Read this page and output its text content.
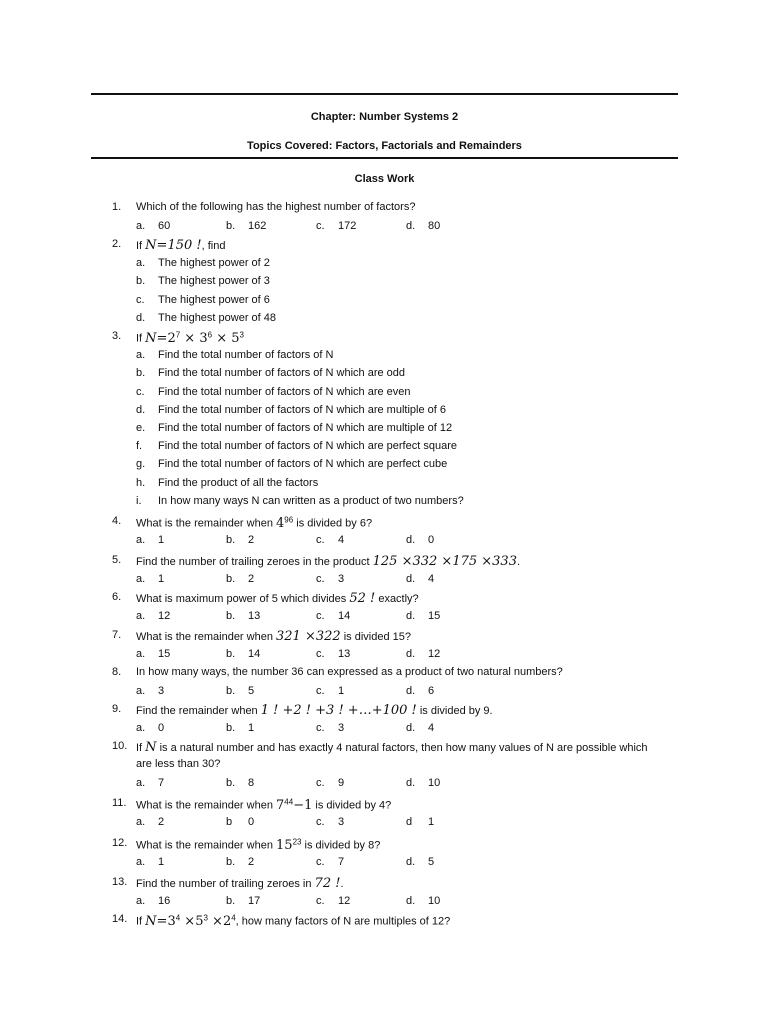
Chapter: Number Systems 2
Topics Covered: Factors, Factorials and Remainders
Class Work
1. Which of the following has the highest number of factors?
a. 60	b. 162	c. 172	d. 80
2. If N=150 !, find
a. The highest power of 2
b. The highest power of 3
c. The highest power of 6
d. The highest power of 48
3. If $N=2^7 \times 3^6 \times 5^3$
a. Find the total number of factors of N
b. Find the total number of factors of N which are odd
c. Find the total number of factors of N which are even
d. Find the total number of factors of N which are multiple of 6
e. Find the total number of factors of N which are multiple of 12
f. Find the total number of factors of N which are perfect square
g. Find the total number of factors of N which are perfect cube
h. Find the product of all the factors
i. In how many ways N can written as a product of two numbers?
4. What is the remainder when $4^{96}$ is divided by 6?
a. 1	b. 2	c. 4	d. 0
5. Find the number of trailing zeroes in the product 125 ×332 ×175 ×333.
a. 1	b. 2	c. 3	d. 4
6. What is maximum power of 5 which divides 52 ! exactly?
a. 12	b. 13	c. 14	d. 15
7. What is the remainder when 321 ×322 is divided 15?
a. 15	b. 14	c. 13	d. 12
8. In how many ways, the number 36 can expressed as a product of two natural numbers?
a. 3	b. 5	c. 1	d. 6
9. Find the remainder when 1 ! +2 ! +3 ! +…+100 ! is divided by 9.
a. 0	b. 1	c. 3	d. 4
10. If N is a natural number and has exactly 4 natural factors, then how many values of N are possible which
are less than 30?
a. 7	b. 8	c. 9	d. 10
11. What is the remainder when $7^{44}-1$ is divided by 4?
a. 2	b 0	c. 3	d 1
12. What is the remainder when $15^{23}$ is divided by 8?
a. 1	b. 2	c. 7	d. 5
13. Find the number of trailing zeroes in 72 !.
a. 16	b. 17	c. 12	d. 10
14. If $N=3^4 \times 5^3 \times 2^4$, how many factors of N are multiples of 12?
